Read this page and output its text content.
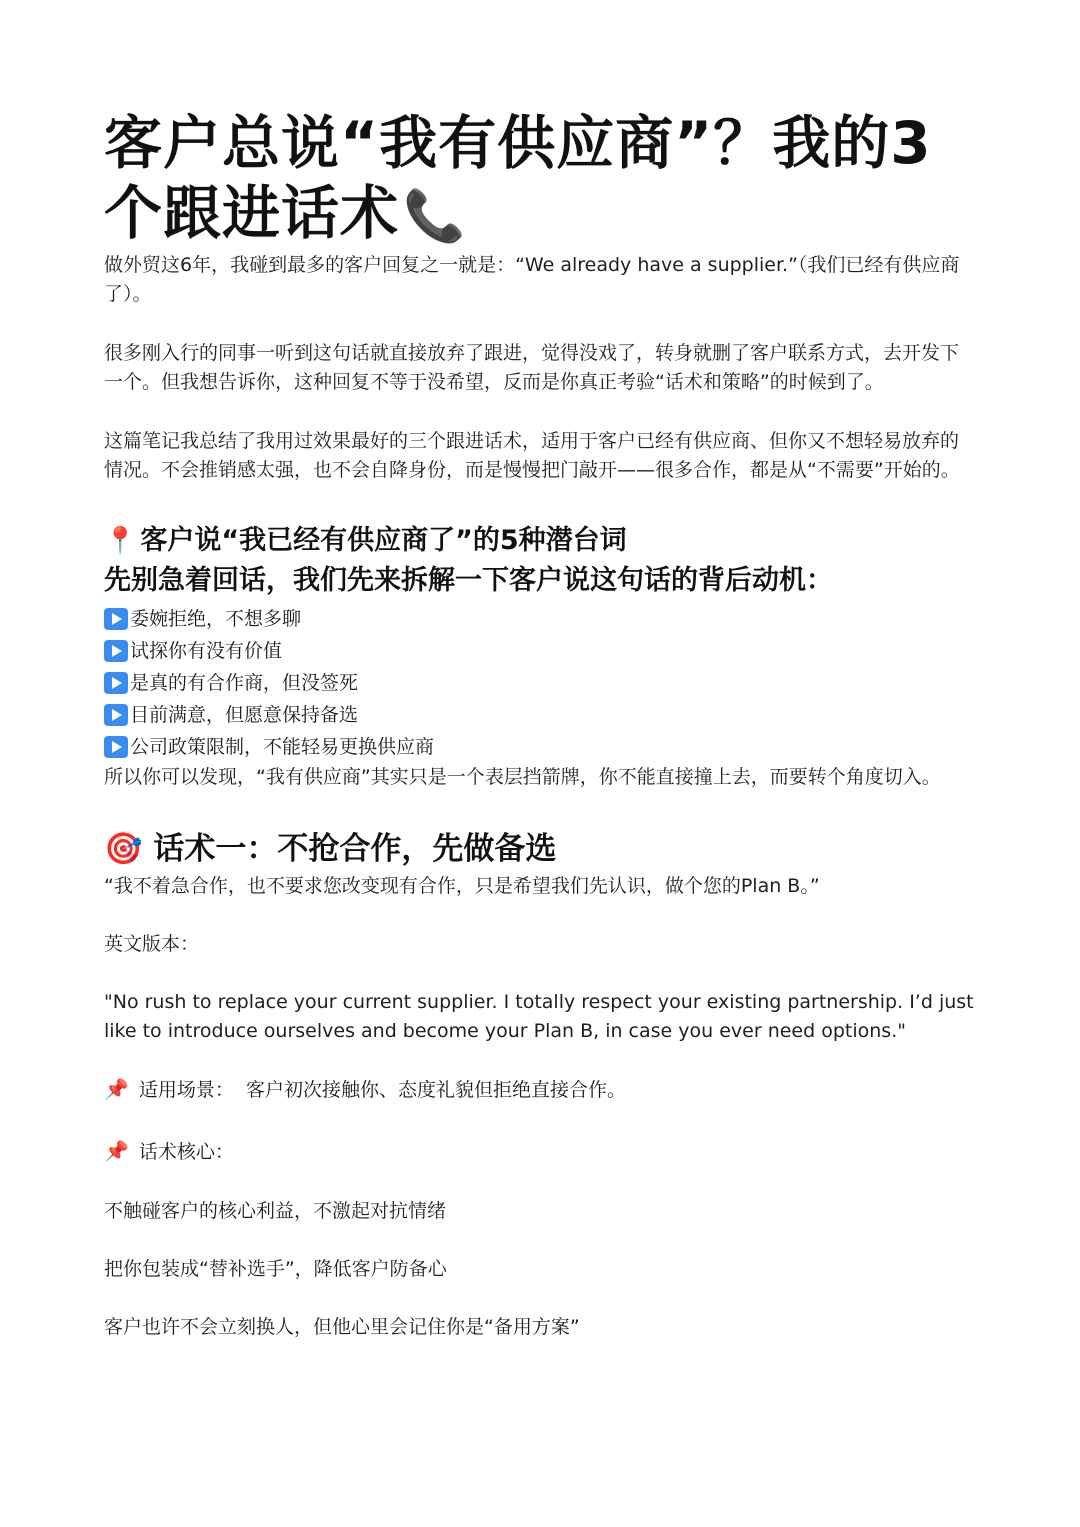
客户总说“我有供应商”？我的3个跟进话术📞

做外贸这6年，我碰到最多的客户回复之一就是：“We already have a supplier.”（我们已经有供应商了）。

很多刚入行的同事一听到这句话就直接放弃了跟进，觉得没戏了，转身就删了客户联系方式，去开发下一个。但我想告诉你，这种回复不等于没希望，反而是你真正考验“话术和策略”的时候到了。

这篇笔记我总结了我用过效果最好的三个跟进话术，适用于客户已经有供应商、但你又不想轻易放弃的情况。不会推销感太强，也不会自降身份，而是慢慢把门敲开——很多合作，都是从“不需要”开始的。

📍 客户说“我已经有供应商了”的5种潜台词
先别急着回话，我们先来拆解一下客户说这句话的背后动机：
委婉拒绝，不想多聊
试探你有没有价值
是真的有合作商，但没签死
目前满意，但愿意保持备选
公司政策限制，不能轻易更换供应商

所以你可以发现，“我有供应商”其实只是一个表层挡箭牌，你不能直接撞上去，而要转个角度切入。

🎯 话术一：不抢合作，先做备选

“我不着急合作，也不要求您改变现有合作，只是希望我们先认识，做个您的Plan B。”

英文版本：

"No rush to replace your current supplier. I totally respect your existing partnership. I’d just like to introduce ourselves and become your Plan B, in case you ever need options."

📌 适用场景： 客户初次接触你、态度礼貌但拒绝直接合作。

📌 话术核心：

不触碰客户的核心利益，不激起对抗情绪

把你包装成“替补选手”，降低客户防备心

客户也许不会立刻换人，但他心里会记住你是“备用方案”
